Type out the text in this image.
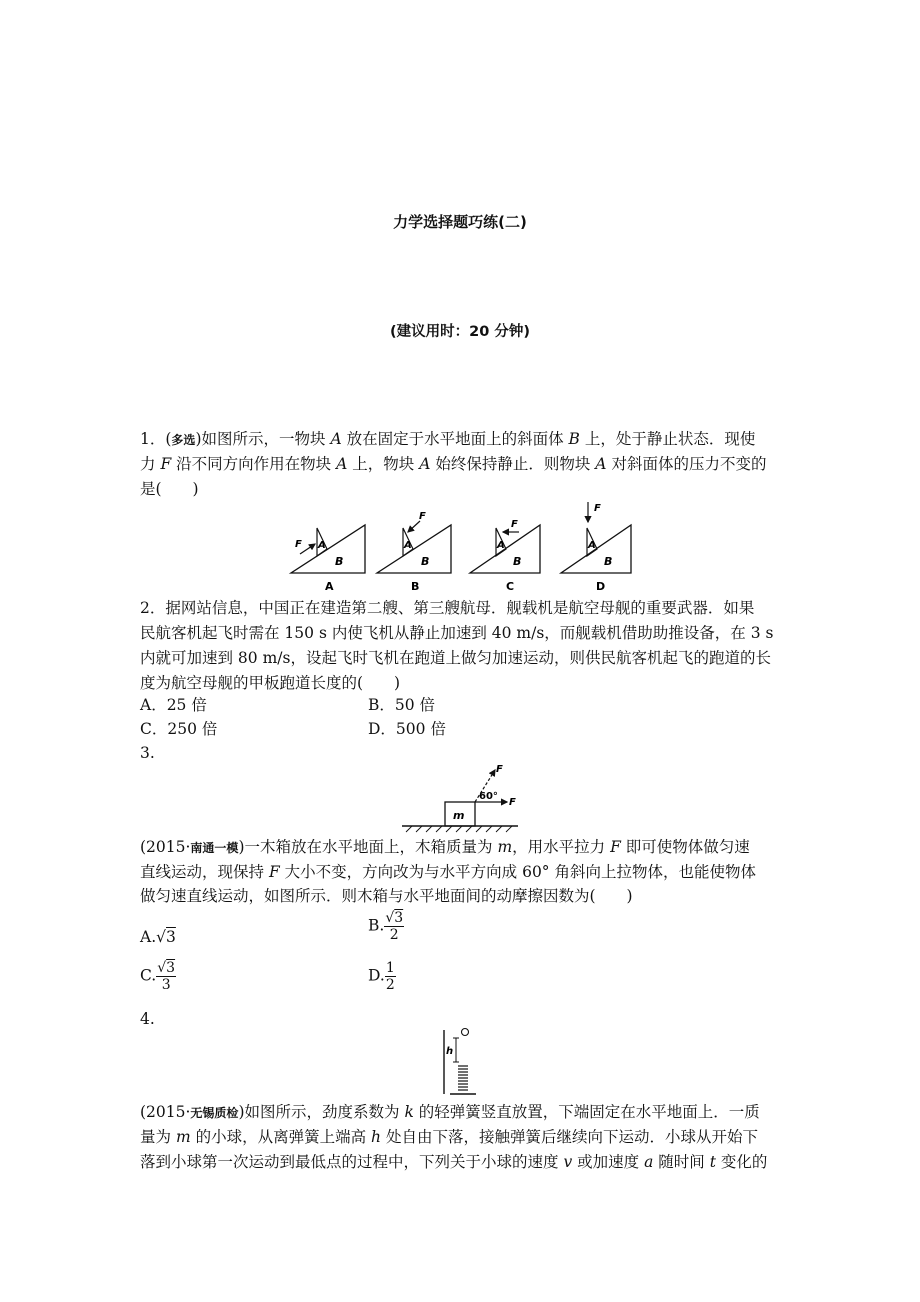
力学选择题巧练(二)
(建议用时：20 分钟)
1．(多选)如图所示，一物块 A 放在固定于水平地面上的斜面体 B 上，处于静止状态．现使
力 F 沿不同方向作用在物块 A 上，物块 A 始终保持静止．则物块 A 对斜面体的压力不变的
是(　　)
A
B
F	A
B
F
A
B
F
A
B
F
A	B	C	D
2．据网站信息，中国正在建造第二艘、第三艘航母．舰载机是航空母舰的重要武器．如果
民航客机起飞时需在 150 s 内使飞机从静止加速到 40 m/s，而舰载机借助助推设备，在 3 s
内就可加速到 80 m/s，设起飞时飞机在跑道上做匀加速运动，则供民航客机起飞的跑道的长
度为航空母舰的甲板跑道长度的(　　)
A．25 倍	B．50 倍
C．250 倍	D．500 倍
3.
m
F
F
60°
(2015·南通一模)一木箱放在水平地面上，木箱质量为 m，用水平拉力 F 即可使物体做匀速
直线运动，现保持 F 大小不变，方向改为与水平方向成 60° 角斜向上拉物体，也能使物体
做匀速直线运动，如图所示．则木箱与水平地面间的动摩擦因数为(　　)
A.√3
B. $\frac{√3}{2}$
C. $\frac{√3}{3}$	D. $\frac{1}{2}$
4.
h
(2015·无锡质检)如图所示，劲度系数为 k 的轻弹簧竖直放置，下端固定在水平地面上．一质
量为 m 的小球，从离弹簧上端高 h 处自由下落，接触弹簧后继续向下运动．小球从开始下
落到小球第一次运动到最低点的过程中，下列关于小球的速度 v 或加速度 a 随时间 t 变化的
